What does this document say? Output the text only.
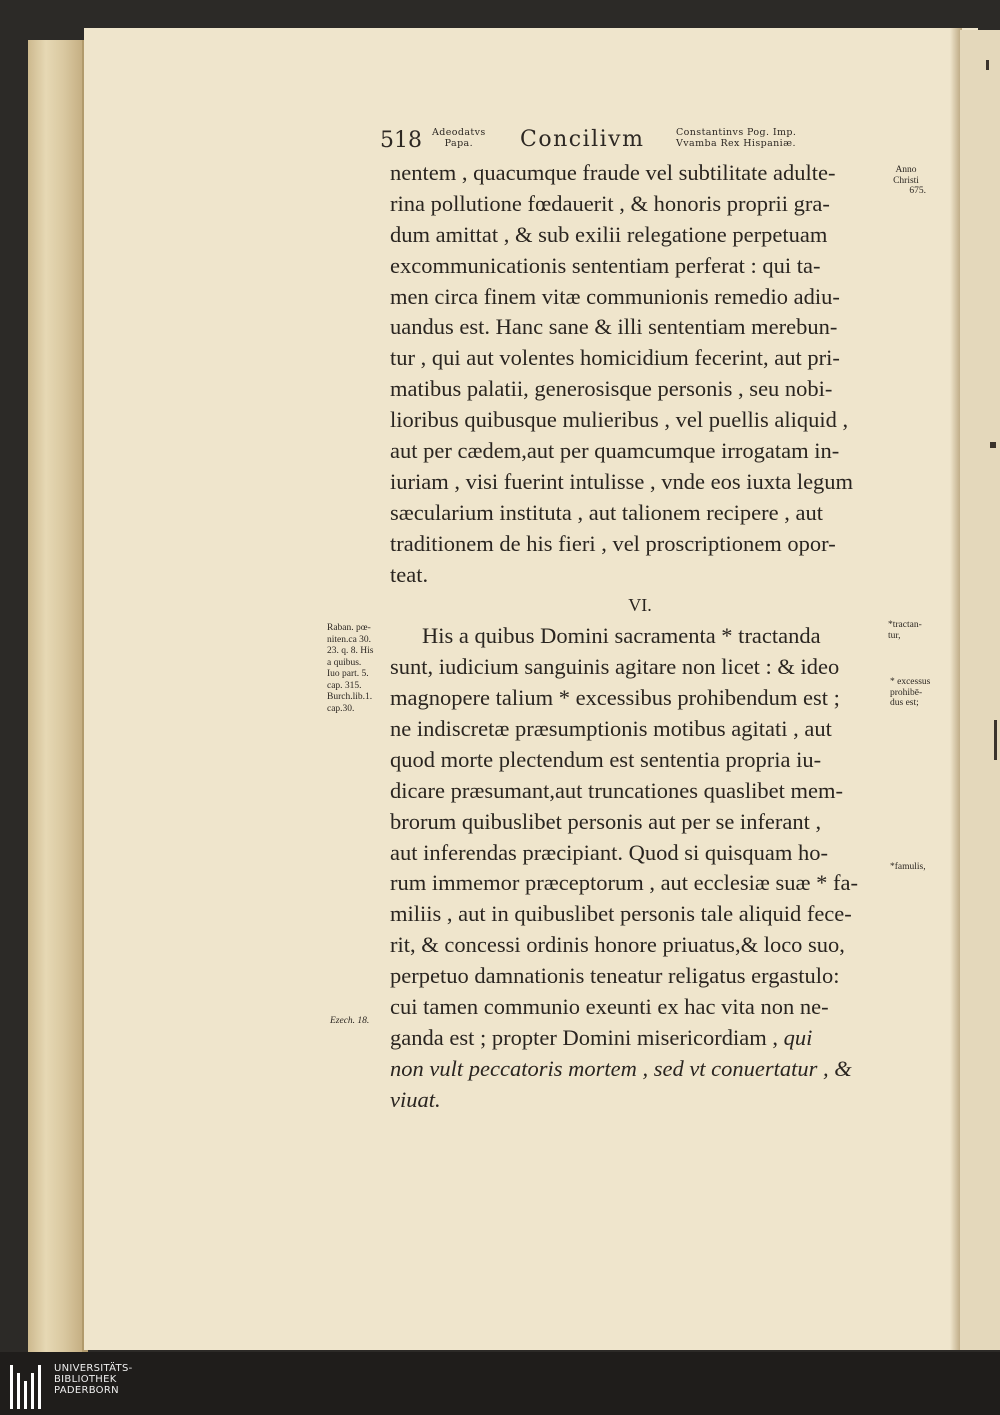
518 Adeodatvs
Papa.	Concilivm	Constantinvs Pog. Imp.
Vvamba Rex Hispaniæ.
Anno
Christi
675.
nentem , quacumque fraude vel subtilitate adulte-
rina pollutione fœdauerit , & honoris proprii gra-
dum amittat , & sub exilii relegatione perpetuam
excommunicationis sententiam perferat : qui ta-
men circa finem vitæ communionis remedio adiu-
uandus est. Hanc sane & illi sententiam merebun-
tur , qui aut volentes homicidium fecerint, aut pri-
matibus palatii, generosisque personis , seu nobi-
lioribus quibusque mulieribus , vel puellis aliquid ,
aut per cædem,aut per quamcumque irrogatam in-
iuriam , visi fuerint intulisse , vnde eos iuxta legum
sæcularium instituta , aut talionem recipere , aut
traditionem de his fieri , vel proscriptionem opor-
teat.
VI.
His a quibus Domini sacramenta * tractanda
sunt, iudicium sanguinis agitare non licet : & ideo
magnopere talium * excessibus prohibendum est ;
ne indiscretæ præsumptionis motibus agitati , aut
quod morte plectendum est sententia propria iu-
dicare præsumant,aut truncationes quaslibet mem-
brorum quibuslibet personis aut per se inferant ,
aut inferendas præcipiant. Quod si quisquam ho-
rum immemor præceptorum , aut ecclesiæ suæ * fa-
miliis , aut in quibuslibet personis tale aliquid fece-
rit, & concessi ordinis honore priuatus,& loco suo,
perpetuo damnationis teneatur religatus ergastulo:
cui tamen communio exeunti ex hac vita non ne-
ganda est ; propter Domini misericordiam , qui
non vult peccatoris mortem , sed vt conuertatur , &
viuat.
Raban. pœ-
niten.ca 30.
23. q. 8. His
a quibus.
Iuo part. 5.
cap. 315.
Burch.lib.1.
cap.30.
Ezech. 18.
*tractan-
tur,
* excessus
prohibē-
dus est;
*famulis,
UNIVERSITÄTS-
BIBLIOTHEK
PADERBORN
